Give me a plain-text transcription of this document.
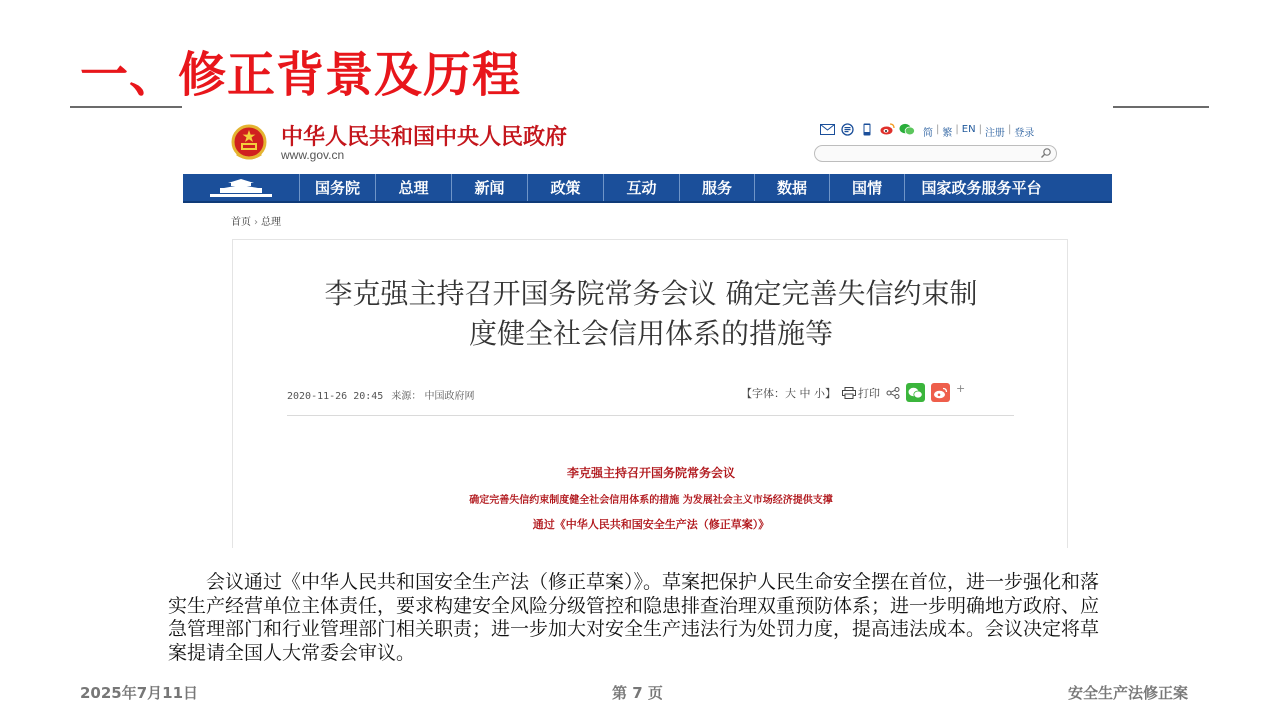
一、修正背景及历程
中华人民共和国中央人民政府
www.gov.cn
简 | 繁 | EN | 注册 | 登录
国务院	总理	新闻	政策	互动	服务	数据	国情	国家政务服务平台
首页 › 总理
李克强主持召开国务院常务会议 确定完善失信约束制
度健全社会信用体系的措施等
2020-11-26 20:45 来源： 中国政府网	【字体：大 中 小】 打印	+
李克强主持召开国务院常务会议
确定完善失信约束制度健全社会信用体系的措施 为发展社会主义市场经济提供支撑
通过《中华人民共和国安全生产法（修正草案）》

会议通过《中华人民共和国安全生产法（修正草案）》。草案把保护人民生命安全摆在首位，进一步强化和落实生产经营单位主体责任，要求构建安全风险分级管控和隐患排查治理双重预防体系；进一步明确地方政府、应急管理部门和行业管理部门相关职责；进一步加大对安全生产违法行为处罚力度，提高违法成本。会议决定将草案提请全国人大常委会审议。

2025年7月11日	第 7 页	安全生产法修正案
